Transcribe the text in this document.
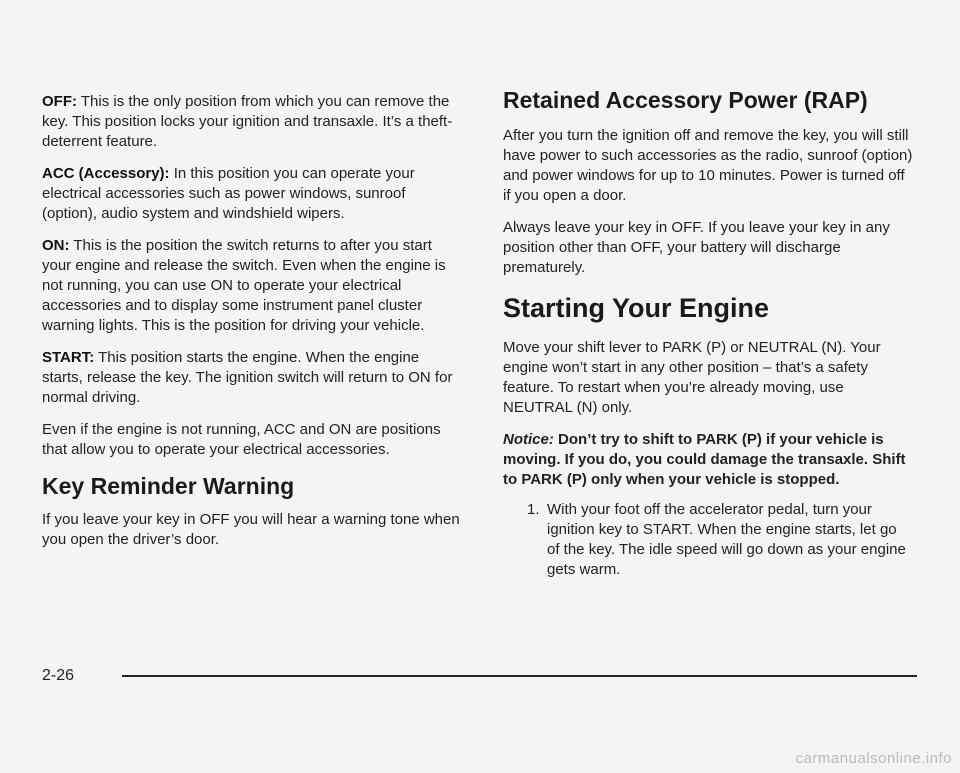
OFF: This is the only position from which you can remove the key. This position locks your ignition and transaxle. It’s a theft-deterrent feature.

ACC (Accessory): In this position you can operate your electrical accessories such as power windows, sunroof (option), audio system and windshield wipers.

ON: This is the position the switch returns to after you start your engine and release the switch. Even when the engine is not running, you can use ON to operate your electrical accessories and to display some instrument panel cluster warning lights. This is the position for driving your vehicle.

START: This position starts the engine. When the engine starts, release the key. The ignition switch will return to ON for normal driving.

Even if the engine is not running, ACC and ON are positions that allow you to operate your electrical accessories.

Key Reminder Warning

If you leave your key in OFF you will hear a warning tone when you open the driver’s door.

Retained Accessory Power (RAP)

After you turn the ignition off and remove the key, you will still have power to such accessories as the radio, sunroof (option) and power windows for up to 10 minutes. Power is turned off if you open a door.

Always leave your key in OFF. If you leave your key in any position other than OFF, your battery will discharge prematurely.

Starting Your Engine

Move your shift lever to PARK (P) or NEUTRAL (N). Your engine won’t start in any other position – that’s a safety feature. To restart when you’re already moving, use NEUTRAL (N) only.

Notice: Don’t try to shift to PARK (P) if your vehicle is moving. If you do, you could damage the transaxle. Shift to PARK (P) only when your vehicle is stopped.

1. With your foot off the accelerator pedal, turn your ignition key to START. When the engine starts, let go of the key. The idle speed will go down as your engine gets warm.
2-26
carmanualsonline.info
